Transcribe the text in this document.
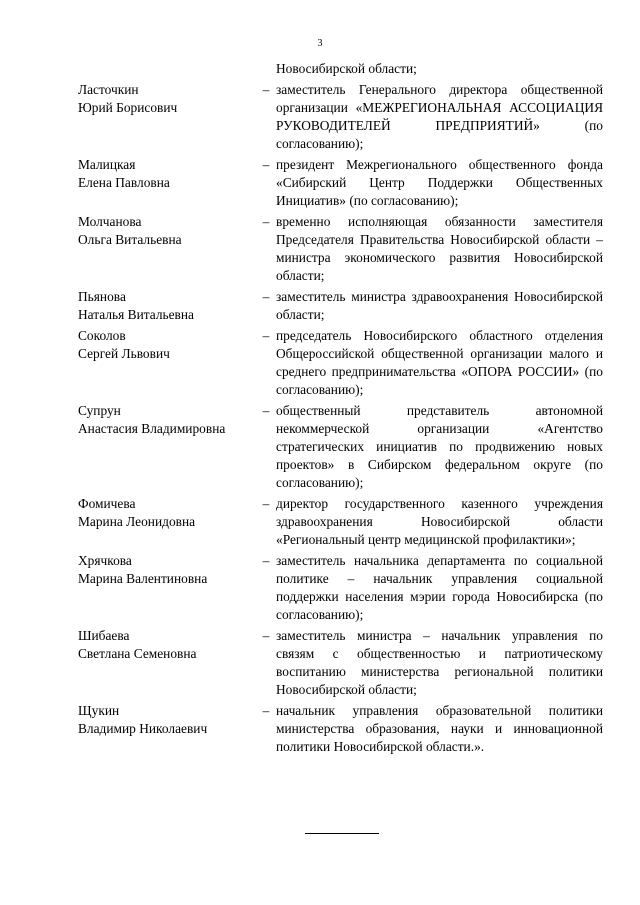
3
Новосибирской области;
Ласточкин
Юрий Борисович
– заместитель Генерального директора общественной организации «МЕЖРЕГИОНАЛЬНАЯ АССОЦИАЦИЯ РУКОВОДИТЕЛЕЙ ПРЕДПРИЯТИЙ» (по согласованию);
Малицкая
Елена Павловна
– президент Межрегионального общественного фонда «Сибирский Центр Поддержки Общественных Инициатив» (по согласованию);
Молчанова
Ольга Витальевна
– временно исполняющая обязанности заместителя Председателя Правительства Новосибирской области – министра экономического развития Новосибирской области;
Пьянова
Наталья Витальевна
– заместитель министра здравоохранения Новосибирской области;
Соколов
Сергей Львович
– председатель Новосибирского областного отделения Общероссийской общественной организации малого и среднего предпринимательства «ОПОРА РОССИИ» (по согласованию);
Супрун
Анастасия Владимировна
– общественный представитель автономной некоммерческой организации «Агентство стратегических инициатив по продвижению новых проектов» в Сибирском федеральном округе (по согласованию);
Фомичева
Марина Леонидовна
– директор государственного казенного учреждения здравоохранения Новосибирской области «Региональный центр медицинской профилактики»;
Хрячкова
Марина Валентиновна
– заместитель начальника департамента по социальной политике – начальник управления социальной поддержки населения мэрии города Новосибирска (по согласованию);
Шибаева
Светлана Семеновна
– заместитель министра – начальник управления по связям с общественностью и патриотическому воспитанию министерства региональной политики Новосибирской области;
Щукин
Владимир Николаевич
– начальник управления образовательной политики министерства образования, науки и инновационной политики Новосибирской области.».
